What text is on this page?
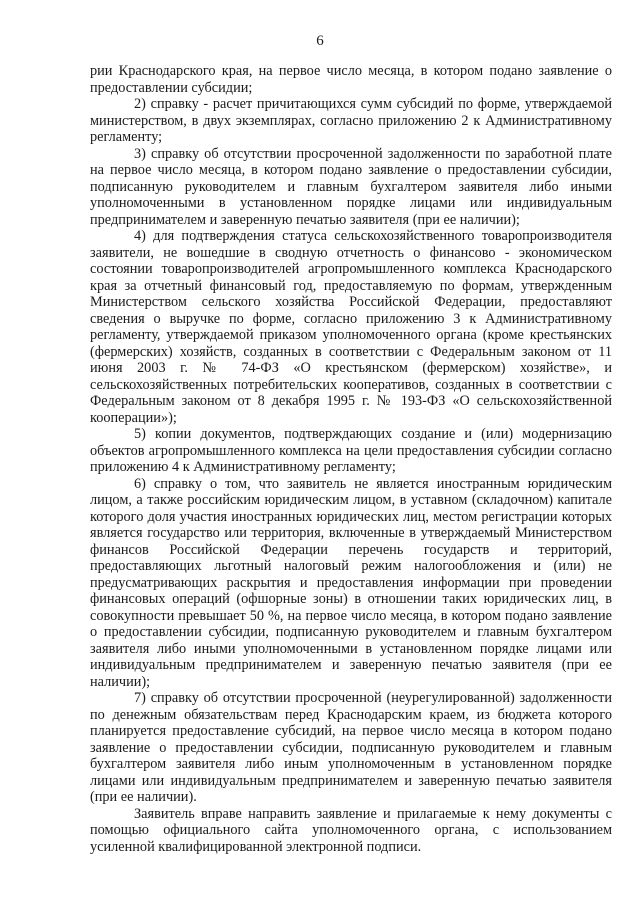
6

рии Краснодарского края, на первое число месяца, в котором подано заявление о предоставлении субсидии;

2) справку - расчет причитающихся сумм субсидий по форме, утверждаемой министерством, в двух экземплярах, согласно приложению 2 к Административному регламенту;

3) справку об отсутствии просроченной задолженности по заработной плате на первое число месяца, в котором подано заявление о предоставлении субсидии, подписанную руководителем и главным бухгалтером заявителя либо иными уполномоченными в установленном порядке лицами или индивидуальным предпринимателем и заверенную печатью заявителя (при ее наличии);

4) для подтверждения статуса сельскохозяйственного товаропроизводителя заявители, не вошедшие в сводную отчетность о финансово - экономическом состоянии товаропроизводителей агропромышленного комплекса Краснодарского края за отчетный финансовый год, предоставляемую по формам, утвержденным Министерством сельского хозяйства Российской Федерации, предоставляют сведения о выручке по форме, согласно приложению 3 к Административному регламенту, утверждаемой приказом уполномоченного органа (кроме крестьянских (фермерских) хозяйств, созданных в соответствии с Федеральным законом от 11 июня 2003 г. № 74-ФЗ «О крестьянском (фермерском) хозяйстве», и сельскохозяйственных потребительских кооперативов, созданных в соответствии с Федеральным законом от 8 декабря 1995 г. № 193-ФЗ «О сельскохозяйственной кооперации»);

5) копии документов, подтверждающих создание и (или) модернизацию объектов агропромышленного комплекса на цели предоставления субсидии согласно приложению 4 к Административному регламенту;

6) справку о том, что заявитель не является иностранным юридическим лицом, а также российским юридическим лицом, в уставном (складочном) капитале которого доля участия иностранных юридических лиц, местом регистрации которых является государство или территория, включенные в утверждаемый Министерством финансов Российской Федерации перечень государств и территорий, предоставляющих льготный налоговый режим налогообложения и (или) не предусматривающих раскрытия и предоставления информации при проведении финансовых операций (офшорные зоны) в отношении таких юридических лиц, в совокупности превышает 50 %, на первое число месяца, в котором подано заявление о предоставлении субсидии, подписанную руководителем и главным бухгалтером заявителя либо иными уполномоченными в установленном порядке лицами или индивидуальным предпринимателем и заверенную печатью заявителя (при ее наличии);

7) справку об отсутствии просроченной (неурегулированной) задолженности по денежным обязательствам перед Краснодарским краем, из бюджета которого планируется предоставление субсидий, на первое число месяца в котором подано заявление о предоставлении субсидии, подписанную руководителем и главным бухгалтером заявителя либо иным уполномоченным в установленном порядке лицами или индивидуальным предпринимателем и заверенную печатью заявителя (при ее наличии).

Заявитель вправе направить заявление и прилагаемые к нему документы с помощью официального сайта уполномоченного органа, с использованием усиленной квалифицированной электронной подписи.
